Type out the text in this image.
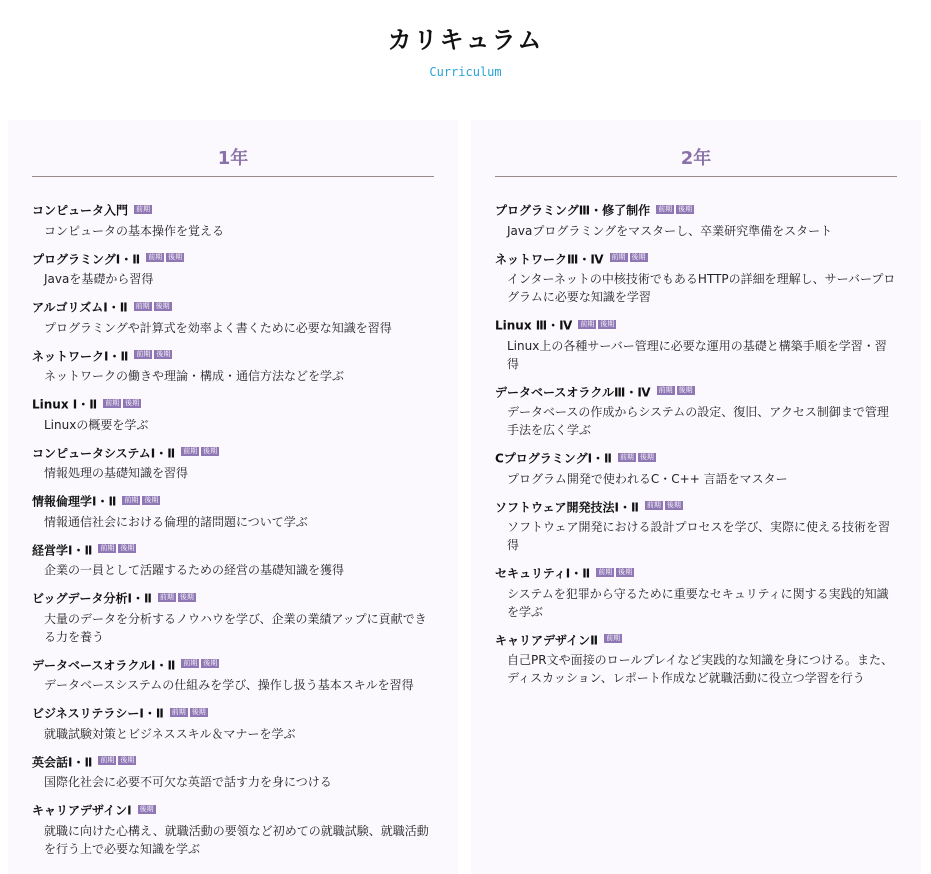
カリキュラム
Curriculum
1年
コンピュータ入門 前期
コンピュータの基本操作を覚える
プログラミングⅠ・Ⅱ 前期 後期
Javaを基礎から習得
アルゴリズムⅠ・Ⅱ 前期 後期
プログラミングや計算式を効率よく書くために必要な知識を習得
ネットワークⅠ・Ⅱ 前期 後期
ネットワークの働きや理論・構成・通信方法などを学ぶ
Linux Ⅰ・Ⅱ 前期 後期
Linuxの概要を学ぶ
コンピュータシステムⅠ・Ⅱ 前期 後期
情報処理の基礎知識を習得
情報倫理学Ⅰ・Ⅱ 前期 後期
情報通信社会における倫理的諸問題について学ぶ
経営学Ⅰ・Ⅱ 前期 後期
企業の一員として活躍するための経営の基礎知識を獲得
ビッグデータ分析Ⅰ・Ⅱ 前期 後期
大量のデータを分析するノウハウを学び、企業の業績アップに貢献できる力を養う
データベースオラクルⅠ・Ⅱ 前期 後期
データベースシステムの仕組みを学び、操作し扱う基本スキルを習得
ビジネスリテラシーⅠ・Ⅱ 前期 後期
就職試験対策とビジネススキル＆マナーを学ぶ
英会話Ⅰ・Ⅱ 前期 後期
国際化社会に必要不可欠な英語で話す力を身につける
キャリアデザインⅠ 後期
就職に向けた心構え、就職活動の要領など初めての就職試験、就職活動を行う上で必要な知識を学ぶ
2年
プログラミングⅢ・修了制作 前期 後期
Javaプログラミングをマスターし、卒業研究準備をスタート
ネットワークⅢ・Ⅳ 前期 後期
インターネットの中核技術でもあるHTTPの詳細を理解し、サーバープログラムに必要な知識を学習
Linux Ⅲ・Ⅳ 前期 後期
Linux上の各種サーバー管理に必要な運用の基礎と構築手順を学習・習得
データベースオラクルⅢ・Ⅳ 前期 後期
データベースの作成からシステムの設定、復旧、アクセス制御まで管理手法を広く学ぶ
CプログラミングⅠ・Ⅱ 前期 後期
プログラム開発で使われるC・C++ 言語をマスター
ソフトウェア開発技法Ⅰ・Ⅱ 前期 後期
ソフトウェア開発における設計プロセスを学び、実際に使える技術を習得
セキュリティⅠ・Ⅱ 前期 後期
システムを犯罪から守るために重要なセキュリティに関する実践的知識を学ぶ
キャリアデザインⅡ 前期
自己PR文や面接のロールプレイなど実践的な知識を身につける。また、ディスカッション、レポート作成など就職活動に役立つ学習を行う
